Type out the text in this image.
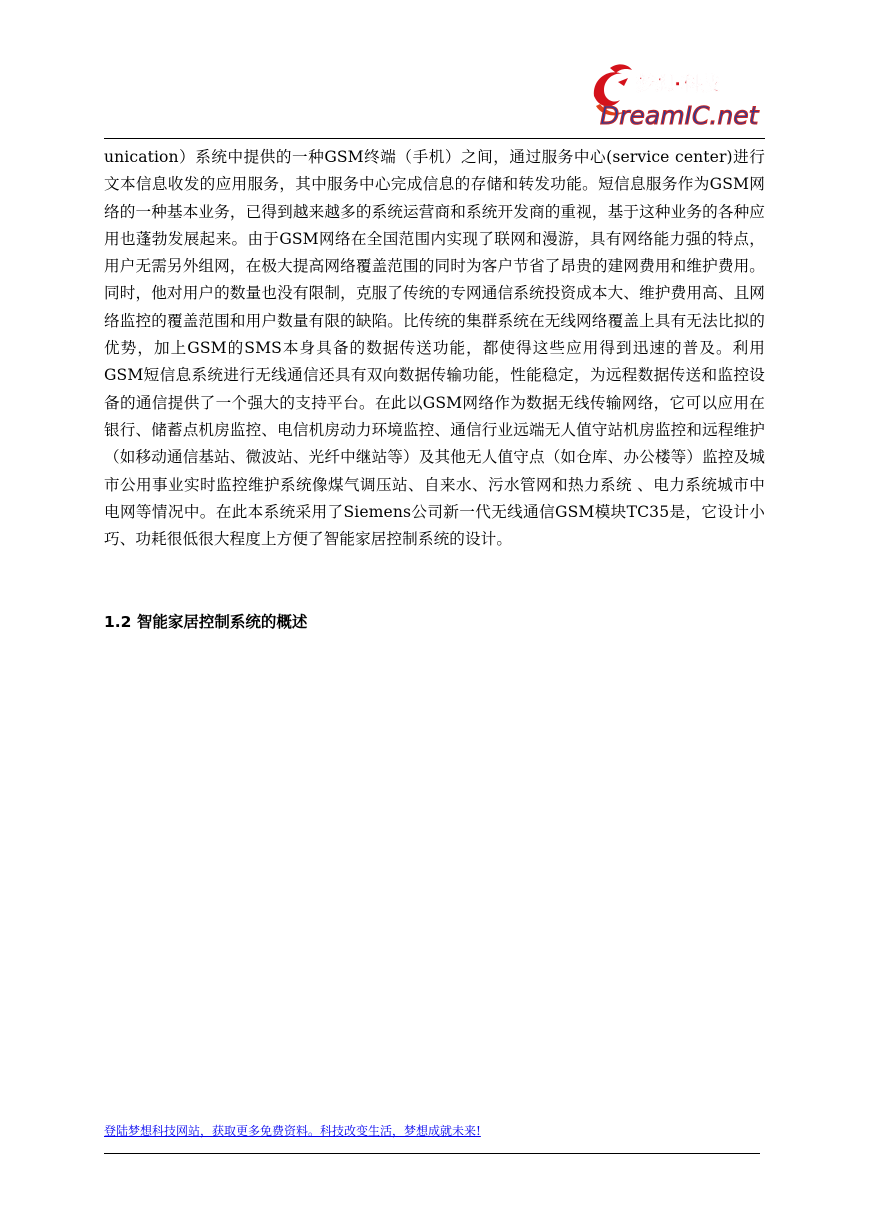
梦想·科技
DreamIC.net
unication）系统中提供的一种GSM终端（手机）之间，通过服务中心(service center)进行文本信息收发的应用服务，其中服务中心完成信息的存储和转发功能。短信息服务作为GSM网络的一种基本业务，已得到越来越多的系统运营商和系统开发商的重视，基于这种业务的各种应用也蓬勃发展起来。由于GSM网络在全国范围内实现了联网和漫游，具有网络能力强的特点，用户无需另外组网，在极大提高网络覆盖范围的同时为客户节省了昂贵的建网费用和维护费用。同时，他对用户的数量也没有限制，克服了传统的专网通信系统投资成本大、维护费用高、且网络监控的覆盖范围和用户数量有限的缺陷。比传统的集群系统在无线网络覆盖上具有无法比拟的优势，加上GSM的SMS本身具备的数据传送功能，都使得这些应用得到迅速的普及。利用GSM短信息系统进行无线通信还具有双向数据传输功能，性能稳定，为远程数据传送和监控设备的通信提供了一个强大的支持平台。在此以GSM网络作为数据无线传输网络，它可以应用在银行、储蓄点机房监控、电信机房动力环境监控、通信行业远端无人值守站机房监控和远程维护（如移动通信基站、微波站、光纤中继站等）及其他无人值守点（如仓库、办公楼等）监控及城市公用事业实时监控维护系统像煤气调压站、自来水、污水管网和热力系统 、电力系统城市中电网等情况中。在此本系统采用了Siemens公司新一代无线通信GSM模块TC35是，它设计小巧、功耗很低很大程度上方便了智能家居控制系统的设计。
1.2 智能家居控制系统的概述
登陆梦想科技网站，获取更多免费资料。科技改变生活，梦想成就未来!
